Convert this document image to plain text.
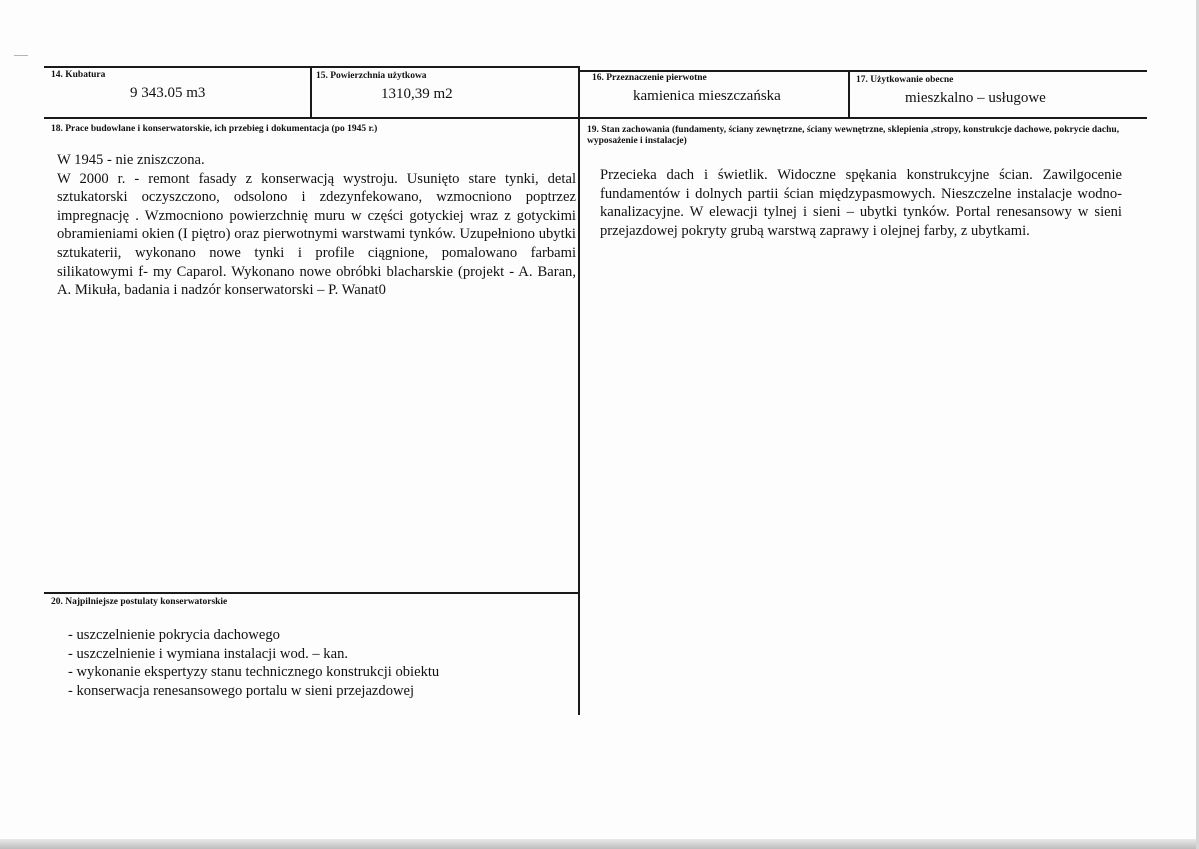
14. Kubatura
9 343.05 m3
15. Powierzchnia użytkowa
1310,39 m2
16. Przeznaczenie pierwotne
kamienica mieszczańska
17. Użytkowanie obecne
mieszkalno – usługowe
18. Prace budowlane i konserwatorskie, ich przebieg i dokumentacja (po 1945 r.)

W 1945 - nie zniszczona.

W 2000 r. - remont fasady z konserwacją wystroju. Usunięto stare tynki, detal sztukatorski oczyszczono, odsolono i zdezynfekowano, wzmocniono poptrzez impregnację . Wzmocniono powierzchnię muru w części gotyckiej wraz z gotyckimi obramieniami okien (I piętro) oraz pierwotnymi warstwami tynków. Uzupełniono ubytki sztukaterii, wykonano nowe tynki i profile ciągnione, pomalowano farbami silikatowymi f- my Caparol. Wykonano nowe obróbki blacharskie (projekt - A. Baran, A. Mikuła, badania i nadzór konserwatorski – P. Wanat0

19. Stan zachowania (fundamenty, ściany zewnętrzne, ściany wewnętrzne, sklepienia ,stropy, konstrukcje dachowe, pokrycie dachu, wyposażenie i instalacje)
Przecieka dach i świetlik. Widoczne spękania konstrukcyjne ścian. Zawilgocenie fundamentów i dolnych partii ścian międzypasmowych. Nieszczelne instalacje wodno-kanalizacyjne. W elewacji tylnej i sieni – ubytki tynków. Portal renesansowy w sieni przejazdowej pokryty grubą warstwą zaprawy i olejnej farby, z ubytkami.
20. Najpilniejsze postulaty konserwatorskie
- uszczelnienie pokrycia dachowego
- uszczelnienie i wymiana instalacji wod. – kan.
- wykonanie ekspertyzy stanu technicznego konstrukcji obiektu
- konserwacja renesansowego portalu w sieni przejazdowej
